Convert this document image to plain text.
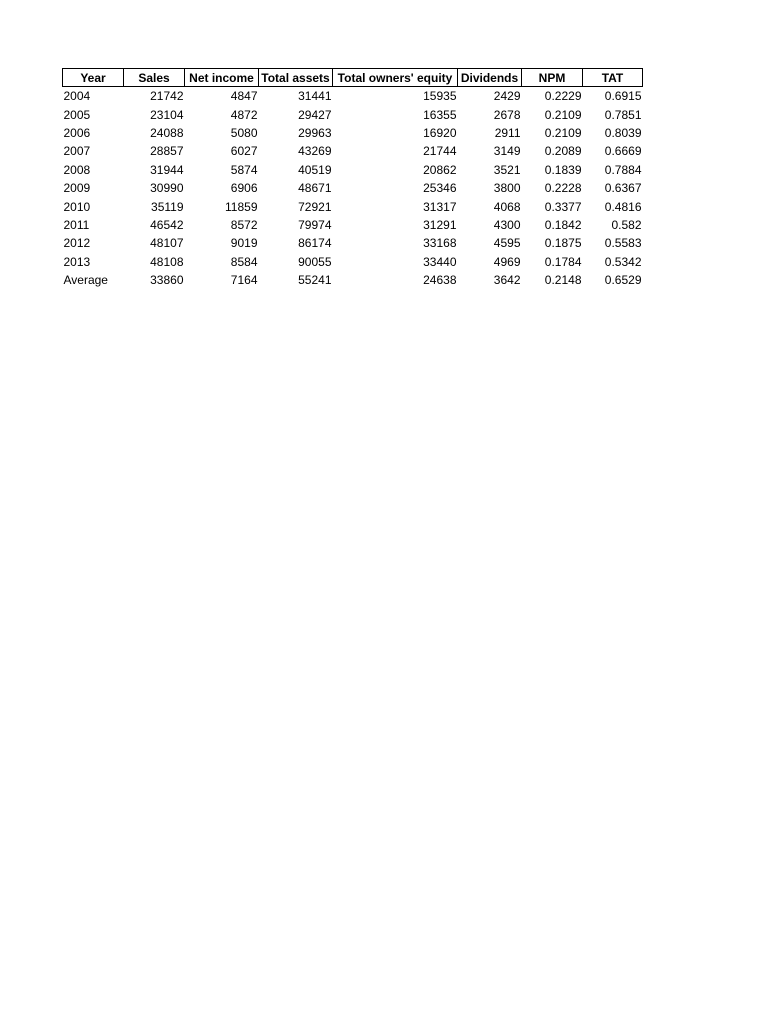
Year	Sales	Net income	Total assets	Total owners' equity	Dividends	NPM	TAT
2004	21742	4847	31441	15935	2429	0.2229	0.6915
2005	23104	4872	29427	16355	2678	0.2109	0.7851
2006	24088	5080	29963	16920	2911	0.2109	0.8039
2007	28857	6027	43269	21744	3149	0.2089	0.6669
2008	31944	5874	40519	20862	3521	0.1839	0.7884
2009	30990	6906	48671	25346	3800	0.2228	0.6367
2010	35119	11859	72921	31317	4068	0.3377	0.4816
2011	46542	8572	79974	31291	4300	0.1842	0.582
2012	48107	9019	86174	33168	4595	0.1875	0.5583
2013	48108	8584	90055	33440	4969	0.1784	0.5342
Average	33860	7164	55241	24638	3642	0.2148	0.6529
